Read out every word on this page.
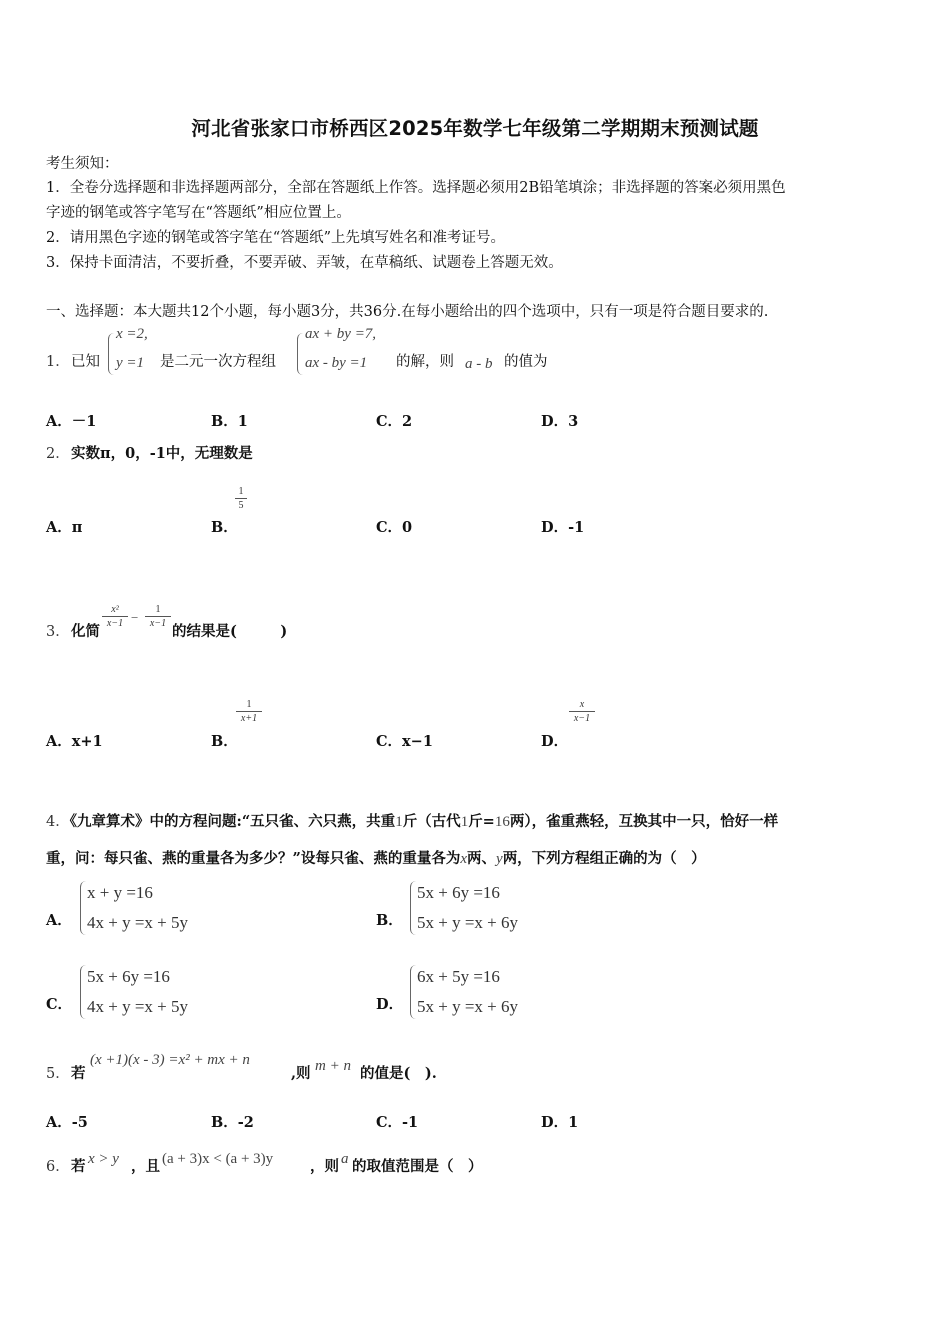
河北省张家口市桥西区2025年数学七年级第二学期期末预测试题
考生须知：
1．全卷分选择题和非选择题两部分，全部在答题纸上作答。选择题必须用2B铅笔填涂；非选择题的答案必须用黑色
字迹的钢笔或答字笔写在“答题纸”相应位置上。
2．请用黑色字迹的钢笔或答字笔在“答题纸”上先填写姓名和准考证号。
3．保持卡面清洁，不要折叠，不要弄破、弄皱，在草稿纸、试题卷上答题无效。
一、选择题：本大题共12个小题，每小题3分，共36分.在每小题给出的四个选项中，只有一项是符合题目要求的.
1． 已知
x =2,
y =1 是二元一次方程组
ax + by =7,
ax - by =1 的解，则 a - b 的值为
A．－1	B．1	C．2	D．3
2． 实数π，0，-1中，无理数是
A．π	B．
1
5
C．0	D．-1
3． 化简
x²
x−1 −
1
x−1 的结果是(　　　)
A．x+1	B．
1
x+1
C．x−1	D．
x
x−1
4．《九章算术》中的方程问题:“五只雀、六只燕，共重1斤（古代1斤=16两），雀重燕轻，互换其中一只，恰好一样
重，问：每只雀、燕的重量各为多少？”设每只雀、燕的重量各为x两、y两，下列方程组正确的为（　）
A．
x + y =16
4x + y =x + 5y	B．
5x + 6y =16
5x + y =x + 6y
C．
5x + 6y =16
4x + y =x + 5y	D．
6x + 5y =16
5x + y =x + 6y
5． 若
(x +1)(x - 3) =x² + mx + n
,则 m + n 的值是(　).
A．-5	B．-2	C．-1	D．1
6． 若 x > y ，且 (a + 3)x < (a + 3)y	，则 a 的取值范围是（　）
